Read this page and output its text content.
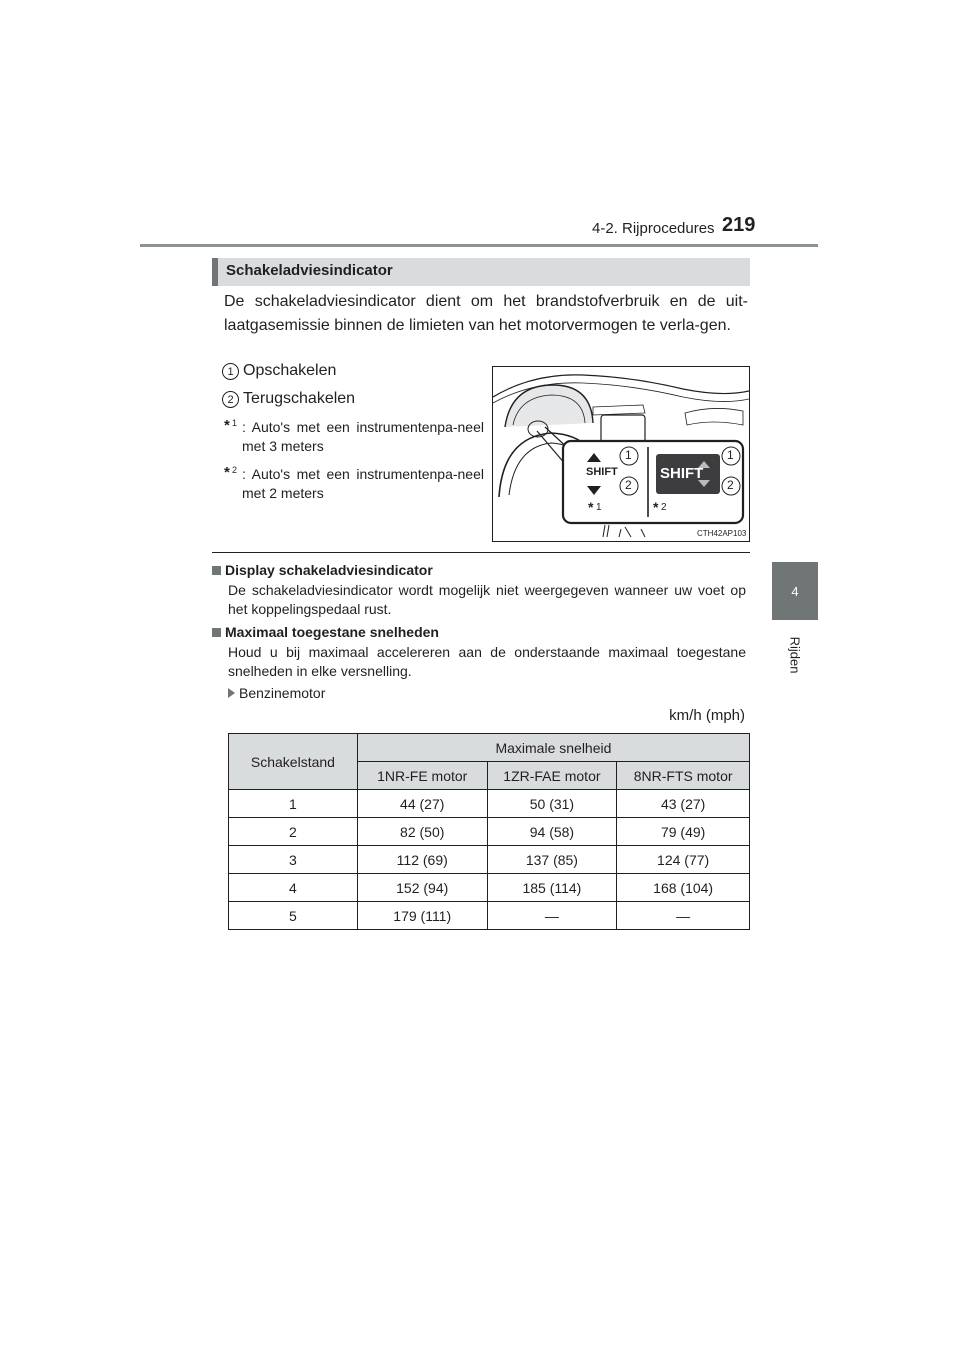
4-2. Rijprocedures 219
4
Rijden
Schakeladviesindicator
De schakeladviesindicator dient om het brandstofverbruik en de uit-laatgasemissie binnen de limieten van het motorvermogen te verla-gen.
1 Opschakelen
2 Terugschakelen
* 1 : Auto's met een instrumentenpa-neel met 3 meters
* 2 : Auto's met een instrumentenpa-neel met 2 meters
SHIFT	SHIFT
1
2
1
2
* 1	* 2
CTH42AP103
Display schakeladviesindicator
De schakeladviesindicator wordt mogelijk niet weergegeven wanneer uw voet op het koppelingspedaal rust.
Maximaal toegestane snelheden
Houd u bij maximaal accelereren aan de onderstaande maximaal toegestane snelheden in elke versnelling.
Benzinemotor
km/h (mph)
Schakelstand	Maximale snelheid		
	1NR-FE motor	1ZR-FAE motor	8NR-FTS motor
1	44 (27)	50 (31)	43 (27)
2	82 (50)	94 (58)	79 (49)
3	112 (69)	137 (85)	124 (77)
4	152 (94)	185 (114)	168 (104)
5	179 (111)	—	—
